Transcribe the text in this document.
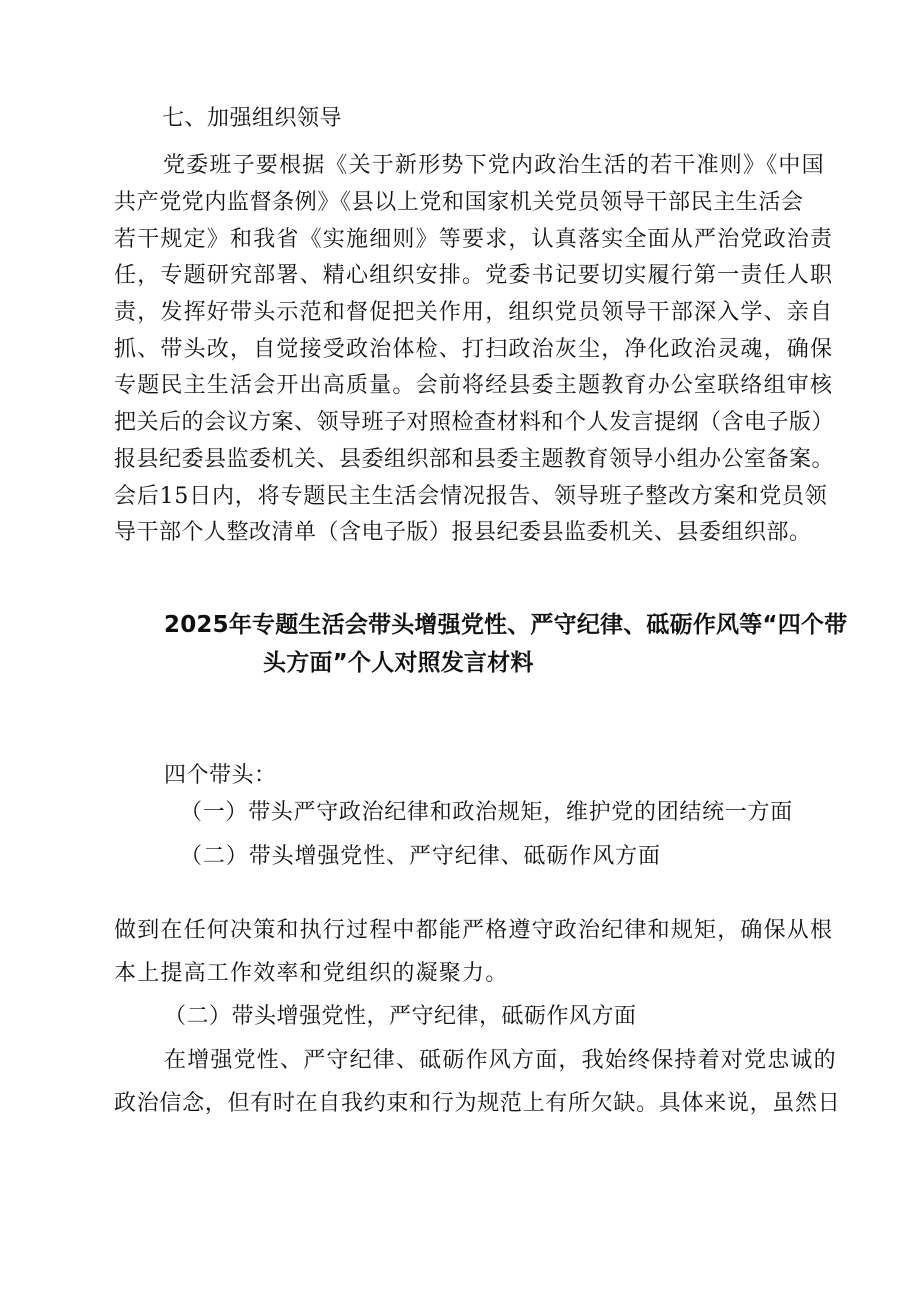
七、加强组织领导
党委班子要根据《关于新形势下党内政治生活的若干准则》《中国
共产党党内监督条例》《县以上党和国家机关党员领导干部民主生活会
若干规定》和我省《实施细则》等要求，认真落实全面从严治党政治责
任，专题研究部署、精心组织安排。党委书记要切实履行第一责任人职
责，发挥好带头示范和督促把关作用，组织党员领导干部深入学、亲自
抓、带头改，自觉接受政治体检、打扫政治灰尘，净化政治灵魂，确保
专题民主生活会开出高质量。会前将经县委主题教育办公室联络组审核
把关后的会议方案、领导班子对照检查材料和个人发言提纲（含电子版）
报县纪委县监委机关、县委组织部和县委主题教育领导小组办公室备案。
会后15日内，将专题民主生活会情况报告、领导班子整改方案和党员领
导干部个人整改清单（含电子版）报县纪委县监委机关、县委组织部。
2025年专题生活会带头增强党性、严守纪律、砥砺作风等“四个带
头方面”个人对照发言材料
四个带头：
（一）带头严守政治纪律和政治规矩，维护党的团结统一方面
（二）带头增强党性、严守纪律、砥砺作风方面
做到在任何决策和执行过程中都能严格遵守政治纪律和规矩，确保从根
本上提高工作效率和党组织的凝聚力。
（二）带头增强党性，严守纪律，砥砺作风方面
在增强党性、严守纪律、砥砺作风方面，我始终保持着对党忠诚的
政治信念，但有时在自我约束和行为规范上有所欠缺。具体来说，虽然日
